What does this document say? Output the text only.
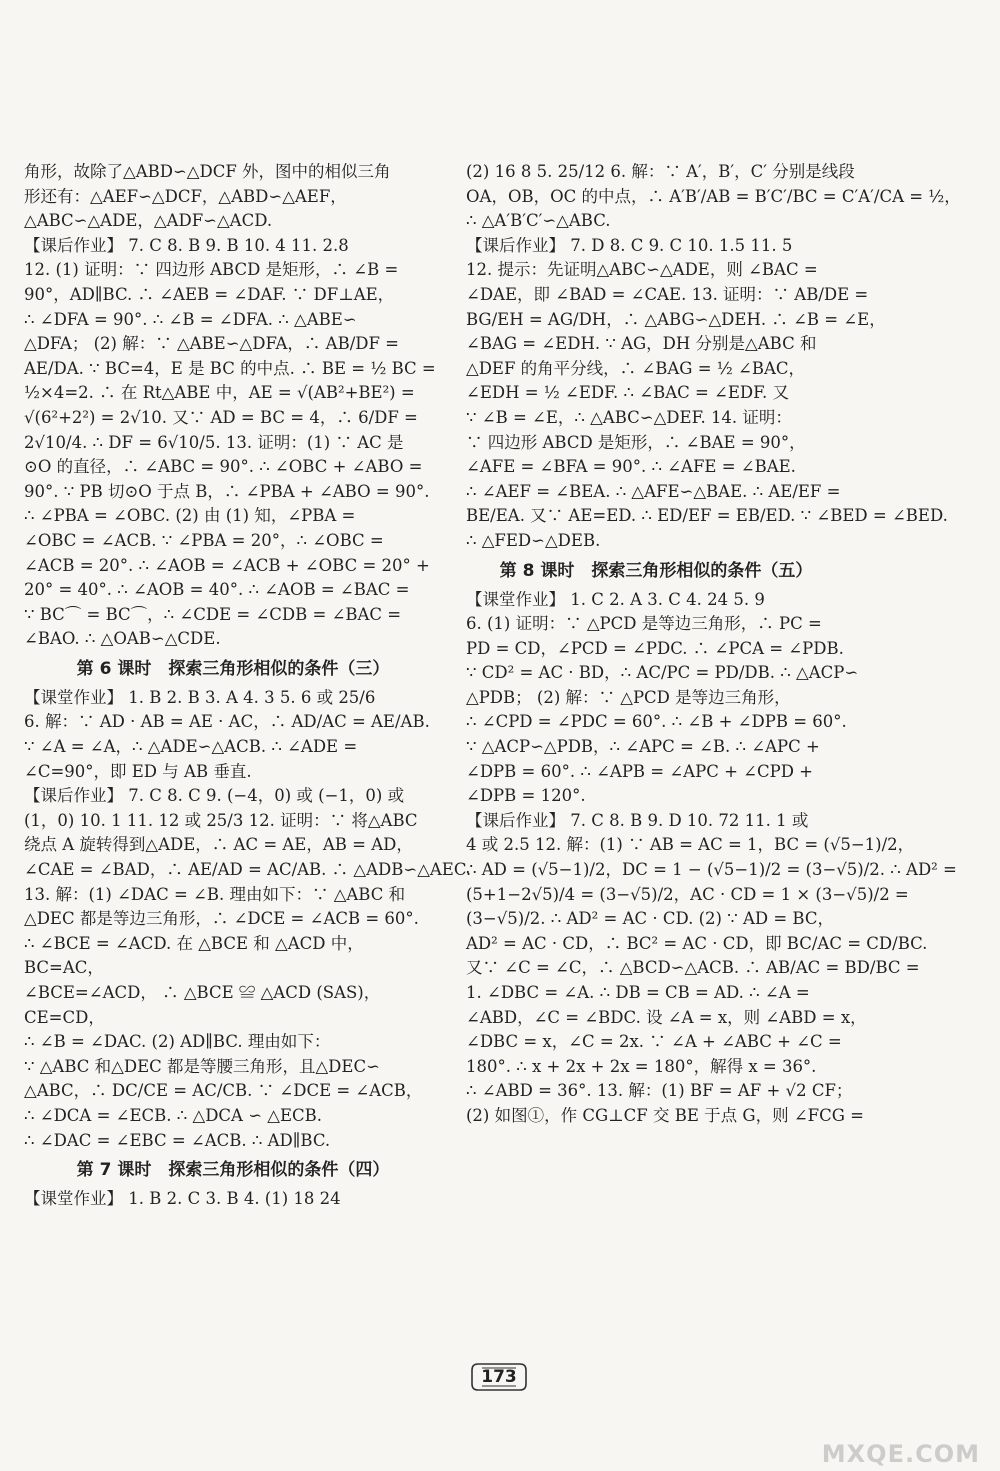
角形，故除了△ABD∽△DCF 外，图中的相似三角
形还有：△AEF∽△DCF，△ABD∽△AEF，
△ABC∽△ADE，△ADF∽△ACD.
【课后作业】 7. C 8. B 9. B 10. 4 11. 2.8
12. (1) 证明：∵ 四边形 ABCD 是矩形，∴ ∠B =
90°，AD∥BC. ∴ ∠AEB = ∠DAF. ∵ DF⊥AE，
∴ ∠DFA = 90°. ∴ ∠B = ∠DFA. ∴ △ABE∽
△DFA； (2) 解：∵ △ABE∽△DFA，∴ AB/DF =
AE/DA. ∵ BC=4，E 是 BC 的中点. ∴ BE = ½ BC =
½×4=2. ∴ 在 Rt△ABE 中，AE = √(AB²+BE²) =
√(6²+2²) = 2√10. 又∵ AD = BC = 4，∴ 6/DF =
2√10/4. ∴ DF = 6√10/5. 13. 证明：(1) ∵ AC 是
⊙O 的直径，∴ ∠ABC = 90°. ∴ ∠OBC + ∠ABO =
90°. ∵ PB 切⊙O 于点 B，∴ ∠PBA + ∠ABO = 90°.
∴ ∠PBA = ∠OBC. (2) 由 (1) 知，∠PBA =
∠OBC = ∠ACB. ∵ ∠PBA = 20°，∴ ∠OBC =
∠ACB = 20°. ∴ ∠AOB = ∠ACB + ∠OBC = 20° +
20° = 40°. ∴ ∠AOB = 40°. ∴ ∠AOB = ∠BAC =
∵ BC⌒ = BC⌒，∴ ∠CDE = ∠CDB = ∠BAC =
∠BAO. ∴ △OAB∽△CDE.
第 6 课时　探索三角形相似的条件（三）
【课堂作业】 1. B 2. B 3. A 4. 3 5. 6 或 25/6
6. 解：∵ AD · AB = AE · AC，∴ AD/AC = AE/AB.
∵ ∠A = ∠A，∴ △ADE∽△ACB. ∴ ∠ADE =
∠C=90°，即 ED 与 AB 垂直.
【课后作业】 7. C 8. C 9. (−4，0) 或 (−1，0) 或
(1，0) 10. 1 11. 12 或 25/3 12. 证明：∵ 将△ABC
绕点 A 旋转得到△ADE，∴ AC = AE，AB = AD，
∠CAE = ∠BAD，∴ AE/AD = AC/AB. ∴ △ADB∽△AEC.
13. 解：(1) ∠DAC = ∠B. 理由如下：∵ △ABC 和
△DEC 都是等边三角形，∴ ∠DCE = ∠ACB = 60°.
∴ ∠BCE = ∠ACD. 在 △BCE 和 △ACD 中，
BC=AC，
∠BCE=∠ACD， ∴ △BCE ≌ △ACD (SAS)，
CE=CD，
∴ ∠B = ∠DAC. (2) AD∥BC. 理由如下：
∵ △ABC 和△DEC 都是等腰三角形，且△DEC∽
△ABC，∴ DC/CE = AC/CB. ∵ ∠DCE = ∠ACB，
∴ ∠DCA = ∠ECB. ∴ △DCA ∽ △ECB.
∴ ∠DAC = ∠EBC = ∠ACB. ∴ AD∥BC.
第 7 课时　探索三角形相似的条件（四）
【课堂作业】 1. B 2. C 3. B 4. (1) 18 24
(2) 16 8 5. 25/12 6. 解：∵ A′，B′，C′ 分别是线段
OA，OB，OC 的中点，∴ A′B′/AB = B′C′/BC = C′A′/CA = ½，
∴ △A′B′C′∽△ABC.
【课后作业】 7. D 8. C 9. C 10. 1.5 11. 5
12. 提示：先证明△ABC∽△ADE，则 ∠BAC =
∠DAE，即 ∠BAD = ∠CAE. 13. 证明：∵ AB/DE =
BG/EH = AG/DH，∴ △ABG∽△DEH. ∴ ∠B = ∠E，
∠BAG = ∠EDH. ∵ AG，DH 分别是△ABC 和
△DEF 的角平分线，∴ ∠BAG = ½ ∠BAC，
∠EDH = ½ ∠EDF. ∴ ∠BAC = ∠EDF. 又
∵ ∠B = ∠E，∴ △ABC∽△DEF. 14. 证明：
∵ 四边形 ABCD 是矩形，∴ ∠BAE = 90°，
∠AFE = ∠BFA = 90°. ∴ ∠AFE = ∠BAE.
∴ ∠AEF = ∠BEA. ∴ △AFE∽△BAE. ∴ AE/EF =
BE/EA. 又∵ AE=ED. ∴ ED/EF = EB/ED. ∵ ∠BED = ∠BED.
∴ △FED∽△DEB.
第 8 课时　探索三角形相似的条件（五）
【课堂作业】 1. C 2. A 3. C 4. 24 5. 9
6. (1) 证明：∵ △PCD 是等边三角形，∴ PC =
PD = CD，∠PCD = ∠PDC. ∴ ∠PCA = ∠PDB.
∵ CD² = AC · BD，∴ AC/PC = PD/DB. ∴ △ACP∽
△PDB； (2) 解：∵ △PCD 是等边三角形，
∴ ∠CPD = ∠PDC = 60°. ∴ ∠B + ∠DPB = 60°.
∵ △ACP∽△PDB，∴ ∠APC = ∠B. ∴ ∠APC +
∠DPB = 60°. ∴ ∠APB = ∠APC + ∠CPD +
∠DPB = 120°.
【课后作业】 7. C 8. B 9. D 10. 72 11. 1 或
4 或 2.5 12. 解：(1) ∵ AB = AC = 1，BC = (√5−1)/2，
∴ AD = (√5−1)/2，DC = 1 − (√5−1)/2 = (3−√5)/2. ∴ AD² =
(5+1−2√5)/4 = (3−√5)/2，AC · CD = 1 × (3−√5)/2 =
(3−√5)/2. ∴ AD² = AC · CD. (2) ∵ AD = BC，
AD² = AC · CD，∴ BC² = AC · CD，即 BC/AC = CD/BC.
又∵ ∠C = ∠C，∴ △BCD∽△ACB. ∴ AB/AC = BD/BC =
1. ∠DBC = ∠A. ∴ DB = CB = AD. ∴ ∠A =
∠ABD，∠C = ∠BDC. 设 ∠A = x，则 ∠ABD = x，
∠DBC = x，∠C = 2x. ∵ ∠A + ∠ABC + ∠C =
180°. ∴ x + 2x + 2x = 180°，解得 x = 36°.
∴ ∠ABD = 36°. 13. 解：(1) BF = AF + √2 CF；
(2) 如图①，作 CG⊥CF 交 BE 于点 G，则 ∠FCG =
173
MXQE.COM
